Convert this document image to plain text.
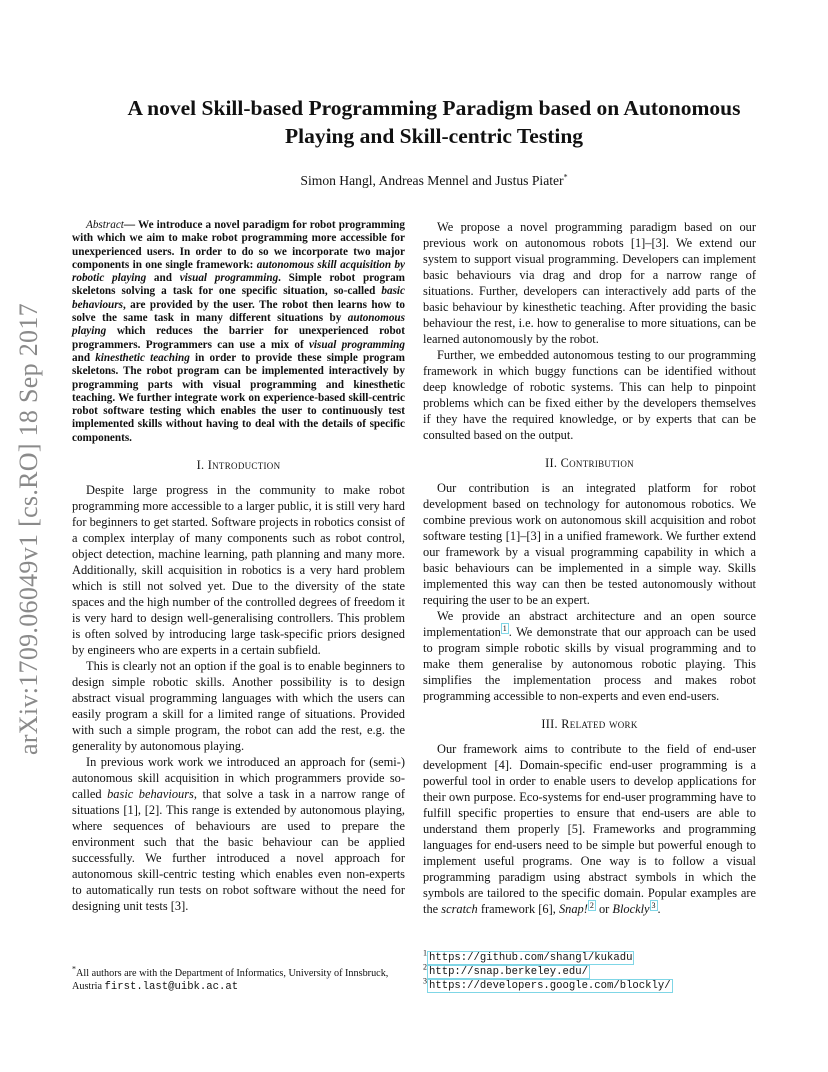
arXiv:1709.06049v1 [cs.RO] 18 Sep 2017
A novel Skill-based Programming Paradigm based on Autonomous
Playing and Skill-centric Testing
Simon Hangl, Andreas Mennel and Justus Piater*

Abstract— We introduce a novel paradigm for robot programming with which we aim to make robot programming more accessible for unexperienced users. In order to do so we incorporate two major components in one single framework: autonomous skill acquisition by robotic playing and visual programming. Simple robot program skeletons solving a task for one specific situation, so-called basic behaviours, are provided by the user. The robot then learns how to solve the same task in many different situations by autonomous playing which reduces the barrier for unexperienced robot programmers. Programmers can use a mix of visual programming and kinesthetic teaching in order to provide these simple program skeletons. The robot program can be implemented interactively by programming parts with visual programming and kinesthetic teaching. We further integrate work on experience-based skill-centric robot software testing which enables the user to continuously test implemented skills without having to deal with the details of specific components.

I. Introduction

Despite large progress in the community to make robot programming more accessible to a larger public, it is still very hard for beginners to get started. Software projects in robotics consist of a complex interplay of many components such as robot control, object detection, machine learning, path planning and many more. Additionally, skill acquisition in robotics is a very hard problem which is still not solved yet. Due to the diversity of the state spaces and the high number of the controlled degrees of freedom it is very hard to design well-generalising controllers. This problem is often solved by introducing large task-specific priors designed by engineers who are experts in a certain subfield.

This is clearly not an option if the goal is to enable beginners to design simple robotic skills. Another possibility is to design abstract visual programming languages with which the users can easily program a skill for a limited range of situations. Provided with such a simple program, the robot can add the rest, e.g. the generality by autonomous playing.

In previous work work we introduced an approach for (semi-) autonomous skill acquisition in which programmers provide so-called basic behaviours, that solve a task in a narrow range of situations [1], [2]. This range is extended by autonomous playing, where sequences of behaviours are used to prepare the environment such that the basic behaviour can be applied successfully. We further introduced a novel approach for autonomous skill-centric testing which enables even non-experts to automatically run tests on robot software without the need for designing unit tests [3].

We propose a novel programming paradigm based on our previous work on autonomous robots [1]–[3]. We extend our system to support visual programming. Developers can implement basic behaviours via drag and drop for a narrow range of situations. Further, developers can interactively add parts of the basic behaviour by kinesthetic teaching. After providing the basic behaviour the rest, i.e. how to generalise to more situations, can be learned autonomously by the robot.

Further, we embedded autonomous testing to our programming framework in which buggy functions can be identified without deep knowledge of robotic systems. This can help to pinpoint problems which can be fixed either by the developers themselves if they have the required knowledge, or by experts that can be consulted based on the output.

II. Contribution

Our contribution is an integrated platform for robot development based on technology for autonomous robotics. We combine previous work on autonomous skill acquisition and robot software testing [1]–[3] in a unified framework. We further extend our framework by a visual programming capability in which a basic behaviours can be implemented in a simple way. Skills implemented this way can then be tested autonomously without requiring the user to be an expert.

We provide an abstract architecture and an open source implementation $^1$ . We demonstrate that our approach can be used to program simple robotic skills by visual programming and to make them generalise by autonomous robotic playing. This simplifies the implementation process and makes robot programming accessible to non-experts and even end-users.

III. Related work

Our framework aims to contribute to the field of end-user development [4]. Domain-specific end-user programming is a powerful tool in order to enable users to develop applications for their own purpose. Eco-systems for end-user programming have to fulfill specific properties to ensure that end-users are able to understand them properly [5]. Frameworks and programming languages for end-users need to be simple but powerful enough to implement useful programs. One way is to follow a visual programming paradigm using abstract symbols in which the symbols are tailored to the specific domain. Popular examples are the scratch framework [6], Snap! $^2$ or Blockly $^3$ .

*All authors are with the Department of Informatics, University of Innsbruck, Austria first.last@uibk.ac.at
$^1$ https://github.com/shangl/kukadu
$^2$ http://snap.berkeley.edu/
$^3$ https://developers.google.com/blockly/
